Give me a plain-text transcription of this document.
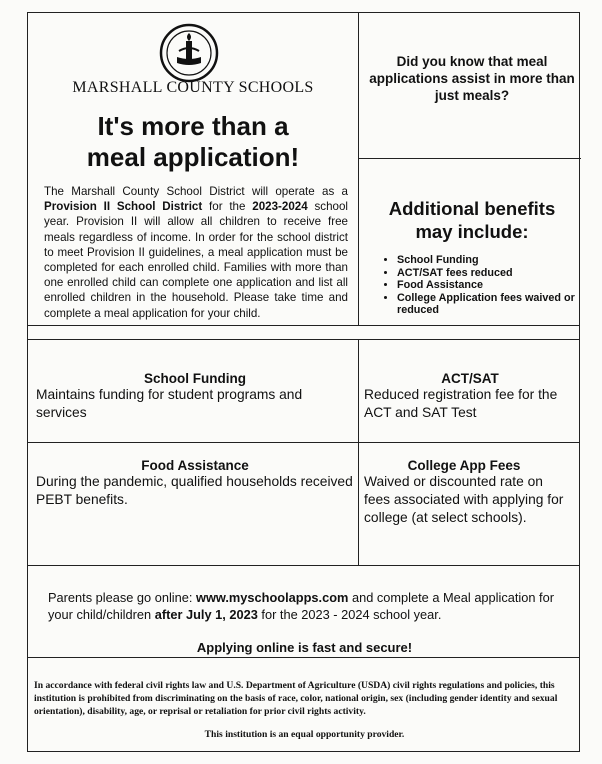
MARSHALL COUNTY SCHOOLS
It's more than a
meal application!
The Marshall County School District will operate as a Provision II School District for the 2023-2024 school year. Provision II will allow all children to receive free meals regardless of income. In order for the school district to meet Provision II guidelines, a meal application must be completed for each enrolled child. Families with more than one enrolled child can complete one application and list all enrolled children in the household. Please take time and complete a meal application for your child.
Did you know that meal applications assist in more than just meals?
Additional benefits
may include:
• School Funding
• ACT/SAT fees reduced
• Food Assistance
• College Application fees waived or reduced
School Funding
Maintains funding for student programs and services
ACT/SAT
Reduced registration fee for the ACT and SAT Test
Food Assistance
During the pandemic, qualified households received PEBT benefits.
College App Fees
Waived or discounted rate on fees associated with applying for college (at select schools).
Parents please go online: www.myschoolapps.com and complete a Meal application for your child/children after July 1, 2023 for the 2023 - 2024 school year.
Applying online is fast and secure!
In accordance with federal civil rights law and U.S. Department of Agriculture (USDA) civil rights regulations and policies, this institution is prohibited from discriminating on the basis of race, color, national origin, sex (including gender identity and sexual orientation), disability, age, or reprisal or retaliation for prior civil rights activity.
This institution is an equal opportunity provider.
